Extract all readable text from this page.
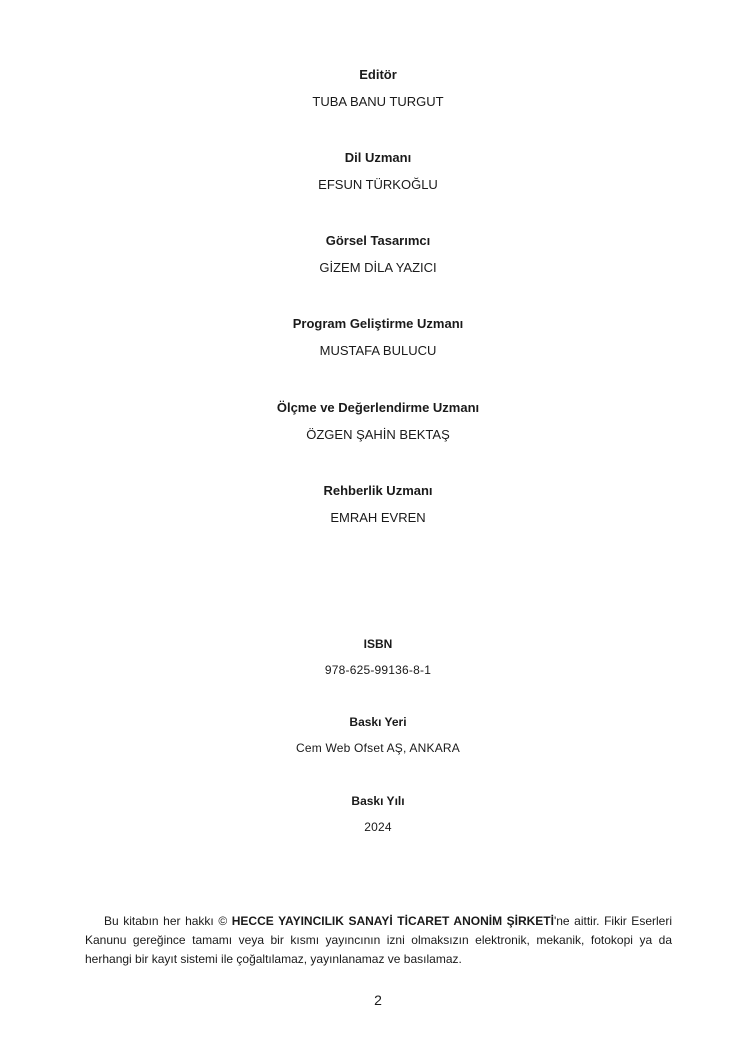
Editör
TUBA BANU TURGUT
Dil Uzmanı
EFSUN TÜRKOĞLU
Görsel Tasarımcı
GİZEM DİLA YAZICI
Program Geliştirme Uzmanı
MUSTAFA BULUCU
Ölçme ve Değerlendirme Uzmanı
ÖZGEN ŞAHİN BEKTAŞ
Rehberlik Uzmanı
EMRAH EVREN
ISBN
978-625-99136-8-1
Baskı Yeri
Cem Web Ofset AŞ, ANKARA
Baskı Yılı
2024
Bu kitabın her hakkı © HECCE YAYINCILIK SANAYİ TİCARET ANONİM ŞİRKETİ'ne aittir. Fikir Eserleri Kanunu gereğince tamamı veya bir kısmı yayıncının izni olmaksızın elektronik, mekanik, fotokopi ya da herhangi bir kayıt sistemi ile çoğaltılamaz, yayınlanamaz ve basılamaz.
2
